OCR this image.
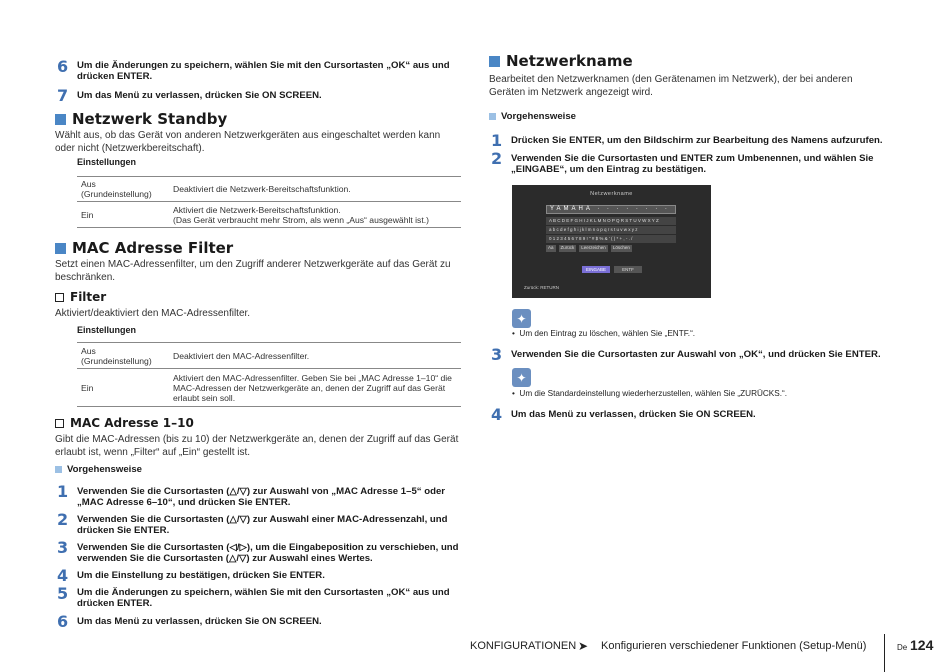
6 Um die Änderungen zu speichern, wählen Sie mit den Cursortasten „OK“ aus und drücken ENTER.
7 Um das Menü zu verlassen, drücken Sie ON SCREEN.
Netzwerk Standby
Wählt aus, ob das Gerät von anderen Netzwerkgeräten aus eingeschaltet werden kann oder nicht (Netzwerkbereitschaft).
Einstellungen
Aus
(Grundeinstellung)	Deaktiviert die Netzwerk-Bereitschaftsfunktion.
Ein	Aktiviert die Netzwerk-Bereitschaftsfunktion.
(Das Gerät verbraucht mehr Strom, als wenn „Aus“ ausgewählt ist.)
MAC Adresse Filter
Setzt einen MAC-Adressenfilter, um den Zugriff anderer Netzwerkgeräte auf das Gerät zu beschränken.
Filter
Aktiviert/deaktiviert den MAC-Adressenfilter.
Einstellungen
Aus
(Grundeinstellung)	Deaktiviert den MAC-Adressenfilter.
Ein	Aktiviert den MAC-Adressenfilter. Geben Sie bei „MAC Adresse 1–10“ die MAC-Adressen der Netzwerkgeräte an, denen der Zugriff auf das Gerät erlaubt sein soll.
MAC Adresse 1–10
Gibt die MAC-Adressen (bis zu 10) der Netzwerkgeräte an, denen der Zugriff auf das Gerät erlaubt ist, wenn „Filter“ auf „Ein“ gestellt ist.
Vorgehensweise
1 Verwenden Sie die Cursortasten (△/▽) zur Auswahl von „MAC Adresse 1–5“ oder „MAC Adresse 6–10“, und drücken Sie ENTER.
2 Verwenden Sie die Cursortasten (△/▽) zur Auswahl einer MAC-Adressenzahl, und drücken Sie ENTER.
3 Verwenden Sie die Cursortasten (◁/▷), um die Eingabeposition zu verschieben, und verwenden Sie die Cursortasten (△/▽) zur Auswahl eines Wertes.
4 Um die Einstellung zu bestätigen, drücken Sie ENTER.
5 Um die Änderungen zu speichern, wählen Sie mit den Cursortasten „OK“ aus und drücken ENTER.
6 Um das Menü zu verlassen, drücken Sie ON SCREEN.
Netzwerkname
Bearbeitet den Netzwerknamen (den Gerätenamen im Netzwerk), der bei anderen Geräten im Netzwerk angezeigt wird.
Vorgehensweise
1 Drücken Sie ENTER, um den Bildschirm zur Bearbeitung des Namens aufzurufen.
2 Verwenden Sie die Cursortasten und ENTER zum Umbenennen, und wählen Sie „EINGABE“, um den Eintrag zu bestätigen.
Netzwerkname
YAMAHA · · · · · · · ·
A B C D E F G H I J K L M N O P Q R S T U V W X Y Z
a b c d e f g h i j k l m n o p q r s t u v w x y z
0 1 2 3 4 5 6 7 8 9 ! " # $ % & ' ( ) * + , - . /
Aa	Zurück	Leerzeichen	Löschen
EINGABE	ENTF
Zurück: RETURN
✦
•  Um den Eintrag zu löschen, wählen Sie „ENTF.“.
3 Verwenden Sie die Cursortasten zur Auswahl von „OK“, und drücken Sie ENTER.
✦
•  Um die Standardeinstellung wiederherzustellen, wählen Sie „ZURÜCKS.“.
4 Um das Menü zu verlassen, drücken Sie ON SCREEN.
KONFIGURATIONEN ➤ Konfigurieren verschiedener Funktionen (Setup-Menü)	De 124
